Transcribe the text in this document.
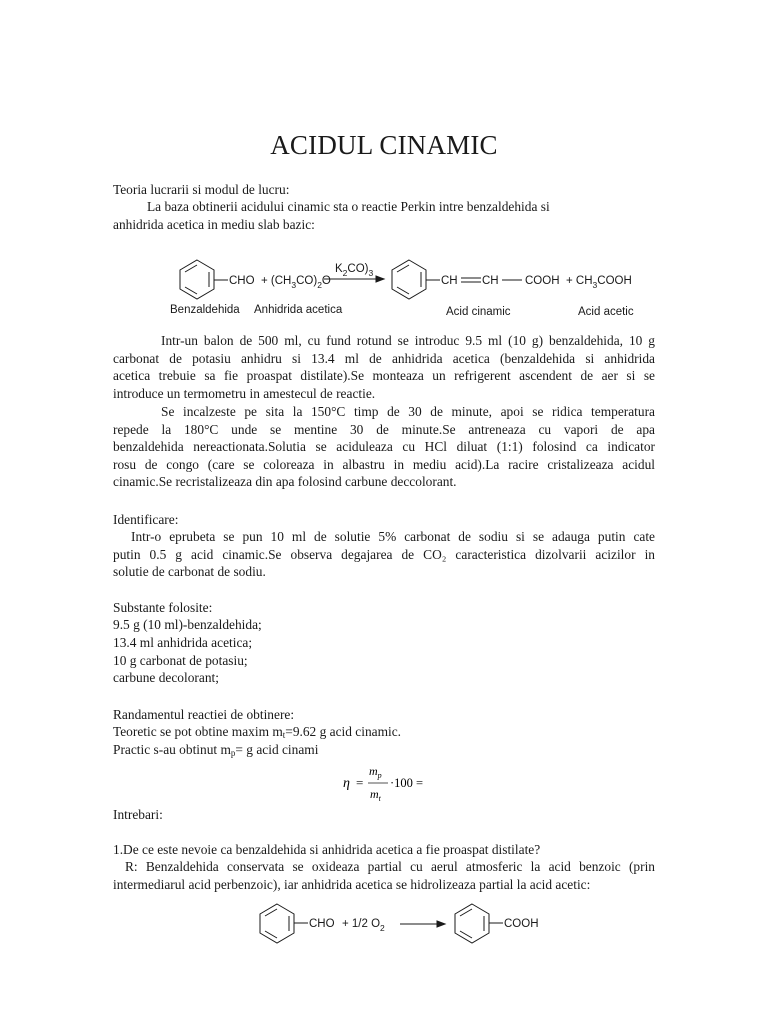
ACIDUL CINAMIC
Teoria lucrarii si modul de lucru:
La baza obtinerii acidului cinamic sta o reactie Perkin intre benzaldehida si
anhidrida acetica in mediu slab bazic:
CHO + $(CH_3CO)_2O$
$K_2CO)_3$
CH CH COOH + $CH_3COOH$
Benzaldehida Anhidrida acetica	Acid cinamic	Acid acetic
Intr-un balon de 500 ml, cu fund rotund se introduc 9.5 ml (10 g) benzaldehida, 10 g
carbonat de potasiu anhidru si 13.4 ml de anhidrida acetica (benzaldehida si anhidrida
acetica trebuie sa fie proaspat distilate).Se monteaza un refrigerent ascendent de aer si se
introduce un termometru in amestecul de reactie.
Se incalzeste pe sita la 150°C timp de 30 de minute, apoi se ridica temperatura
repede la 180°C unde se mentine 30 de minute.Se antreneaza cu vapori de apa
benzaldehida nereactionata.Solutia se aciduleaza cu HCl diluat (1:1) folosind ca indicator
rosu de congo (care se coloreaza in albastru in mediu acid).La racire cristalizeaza acidul
cinamic.Se recristalizeaza din apa folosind carbune deccolorant.
Identificare:
Intr-o eprubeta se pun 10 ml de solutie 5% carbonat de sodiu si se adauga putin cate
putin 0.5 g acid cinamic.Se observa degajarea de CO₂ caracteristica dizolvarii acizilor in
solutie de carbonat de sodiu.
Substante folosite:
9.5 g (10 ml)-benzaldehida;
13.4 ml anhidrida acetica;
10 g carbonat de potasiu;
carbune decolorant;
Randamentul reactiei de obtinere:
Teoretic se pot obtine maxim $m_t=9.62$ g acid cinamic.
Practic s-au obtinut $m_p= g$ acid cinami
η =
$m_p$
$m_t$
·100 =
Intrebari:
1.De ce este nevoie ca benzaldehida si anhidrida acetica a fie proaspat distilate?
R: Benzaldehida conservata se oxideaza partial cu aerul atmosferic la acid benzoic (prin
intermediarul acid perbenzoic), iar anhidrida acetica se hidrolizeaza partial la acid acetic:
CHO + 1/2 $O_2$	COOH
